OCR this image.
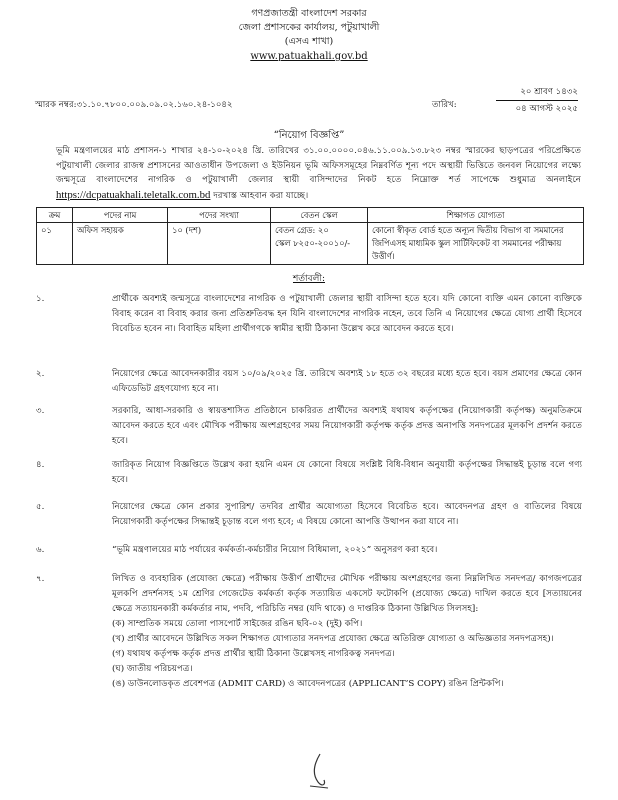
গণপ্রজাতন্ত্রী বাংলাদেশ সরকার
জেলা প্রশাসকের কার্যালয়, পটুয়াখালী
(এসএ শাখা)
www.patuakhali.gov.bd
স্মারক নম্বর:৩১.১০.৭৮০০.০০৯.০৯.০২.১৬০.২৪-১০৪২	তারিখ:
২০ শ্রাবণ ১৪৩২
০৪ আগস্ট ২০২৫
“নিয়োগ বিজ্ঞপ্তি”
ভূমি মন্ত্রণালয়ের মাঠ প্রশাসন-১ শাখার ২৪-১০-২০২৪ খ্রি. তারিখের ৩১.০০.০০০০.০৪৬.১১.০০৯.১৩.৮২৩ নম্বর স্মারকের ছাড়পত্রের পরিপ্রেক্ষিতে পটুয়াখালী জেলার রাজস্ব প্রশাসনের আওতাধীন উপজেলা ও ইউনিয়ন ভূমি অফিসসমূহের নিম্নবর্ণিত শূন্য পদে অস্থায়ী ভিত্তিতে জনবল নিয়োগের লক্ষ্যে জন্মসূত্রে বাংলাদেশের নাগরিক ও পটুয়াখালী জেলার স্থায়ী বাসিন্দাদের নিকট হতে নিম্নোক্ত শর্ত সাপেক্ষে শুধুমাত্র অনলাইনে https://dcpatuakhali.teletalk.com.bd দরখাস্ত আহবান করা যাচ্ছে।
ক্রম	পদের নাম	পদের সংখ্যা	বেতন স্কেল	শিক্ষাগত যোগ্যতা
০১	অফিস সহায়ক	১০ (দশ)	বেতন গ্রেড: ২০
স্কেল ৮২৫০-২০০১০/-	কোনো স্বীকৃত বোর্ড হতে অন্যূন দ্বিতীয় বিভাগ বা সমমানের জিপিএসহ মাধ্যমিক স্কুল সার্টিফিকেট বা সমমানের পরীক্ষায় উত্তীর্ণ।
শর্তাবলী:
১.	প্রার্থীকে অবশ্যই জন্মসূত্রে বাংলাদেশের নাগরিক ও পটুয়াখালী জেলার স্থায়ী বাসিন্দা হতে হবে। যদি কোনো ব্যক্তি এমন কোনো ব্যক্তিকে বিবাহ করেন বা বিবাহ করার জন্য প্রতিশ্রুতিবদ্ধ হন যিনি বাংলাদেশের নাগরিক নহেন, তবে তিনি এ নিয়োগের ক্ষেত্রে যোগ্য প্রার্থী হিসেবে বিবেচিত হবেন না। বিবাহিত মহিলা প্রার্থীগণকে স্বামীর স্থায়ী ঠিকানা উল্লেখ করে আবেদন করতে হবে।
২.	নিয়োগের ক্ষেত্রে আবেদনকারীর বয়স ১০/০৯/২০২৫ খ্রি. তারিখে অবশ্যই ১৮ হতে ৩২ বছরের মধ্যে হতে হবে। বয়স প্রমাণের ক্ষেত্রে কোন এফিডেভিট গ্রহণযোগ্য হবে না।
৩.	সরকারি, আধা-সরকারি ও স্বায়ত্তশাসিত প্রতিষ্ঠানে চাকরিরত প্রার্থীদের অবশ্যই যথাযথ কর্তৃপক্ষের (নিয়োগকারী কর্তৃপক্ষ) অনুমতিক্রমে আবেদন করতে হবে এবং মৌখিক পরীক্ষায় অংশগ্রহণের সময় নিয়োগকারী কর্তৃপক্ষ কর্তৃক প্রদত্ত অনাপত্তি সনদপত্রের মূলকপি প্রদর্শন করতে হবে।
৪.	জারিকৃত নিয়োগ বিজ্ঞপ্তিতে উল্লেখ করা হয়নি এমন যে কোনো বিষয়ে সংশ্লিষ্ট বিধি-বিধান অনুযায়ী কর্তৃপক্ষের সিদ্ধান্তই চূড়ান্ত বলে গণ্য হবে।
৫.	নিয়োগের ক্ষেত্রে কোন প্রকার সুপারিশ/ তদবির প্রার্থীর অযোগ্যতা হিসেবে বিবেচিত হবে। আবেদনপত্র গ্রহণ ও বাতিলের বিষয়ে নিয়োগকারী কর্তৃপক্ষের সিদ্ধান্তই চূড়ান্ত বলে গণ্য হবে; এ বিষয়ে কোনো আপত্তি উত্থাপন করা যাবে না।
৬.	“ভূমি মন্ত্রণালয়ের মাঠ পর্যায়ের কর্মকর্তা-কর্মচারীর নিয়োগ বিধিমালা, ২০২১” অনুসরণ করা হবে।
৭.	লিখিত ও ব্যবহারিক (প্রযোজ্য ক্ষেত্রে) পরীক্ষায় উত্তীর্ণ প্রার্থীদের মৌখিক পরীক্ষায় অংশগ্রহণের জন্য নিম্নলিখিত সনদপত্র/ কাগজপত্রের মূলকপি প্রদর্শনসহ ১ম শ্রেণির গেজেটেড কর্মকর্তা কর্তৃক সত্যায়িত একসেট ফটোকপি (প্রযোজ্য ক্ষেত্রে) দাখিল করতে হবে [সত্যায়নের ক্ষেত্রে সত্যায়নকারী কর্মকর্তার নাম, পদবি, পরিচিতি নম্বর (যদি থাকে) ও দাপ্তরিক ঠিকানা উল্লিখিত সিলসহ]:
(ক) সাম্প্রতিক সময়ে তোলা পাসপোর্ট সাইজের রঙিন ছবি-০২ (দুই) কপি।
(খ) প্রার্থীর আবেদনে উল্লিখিত সকল শিক্ষাগত যোগ্যতার সনদপত্র প্রযোজ্য ক্ষেত্রে অতিরিক্ত যোগ্যতা ও অভিজ্ঞতার সনদপত্রসহ)।
(গ) যথাযথ কর্তৃপক্ষ কর্তৃক প্রদত্ত প্রার্থীর স্থায়ী ঠিকানা উল্লেখসহ নাগরিকত্ব সনদপত্র।
(ঘ) জাতীয় পরিচয়পত্র।
(ঙ) ডাউনলোডকৃত প্রবেশপত্র (ADMIT CARD) ও আবেদনপত্রের (APPLICANT’S COPY) রঙিন প্রিন্টকপি।
